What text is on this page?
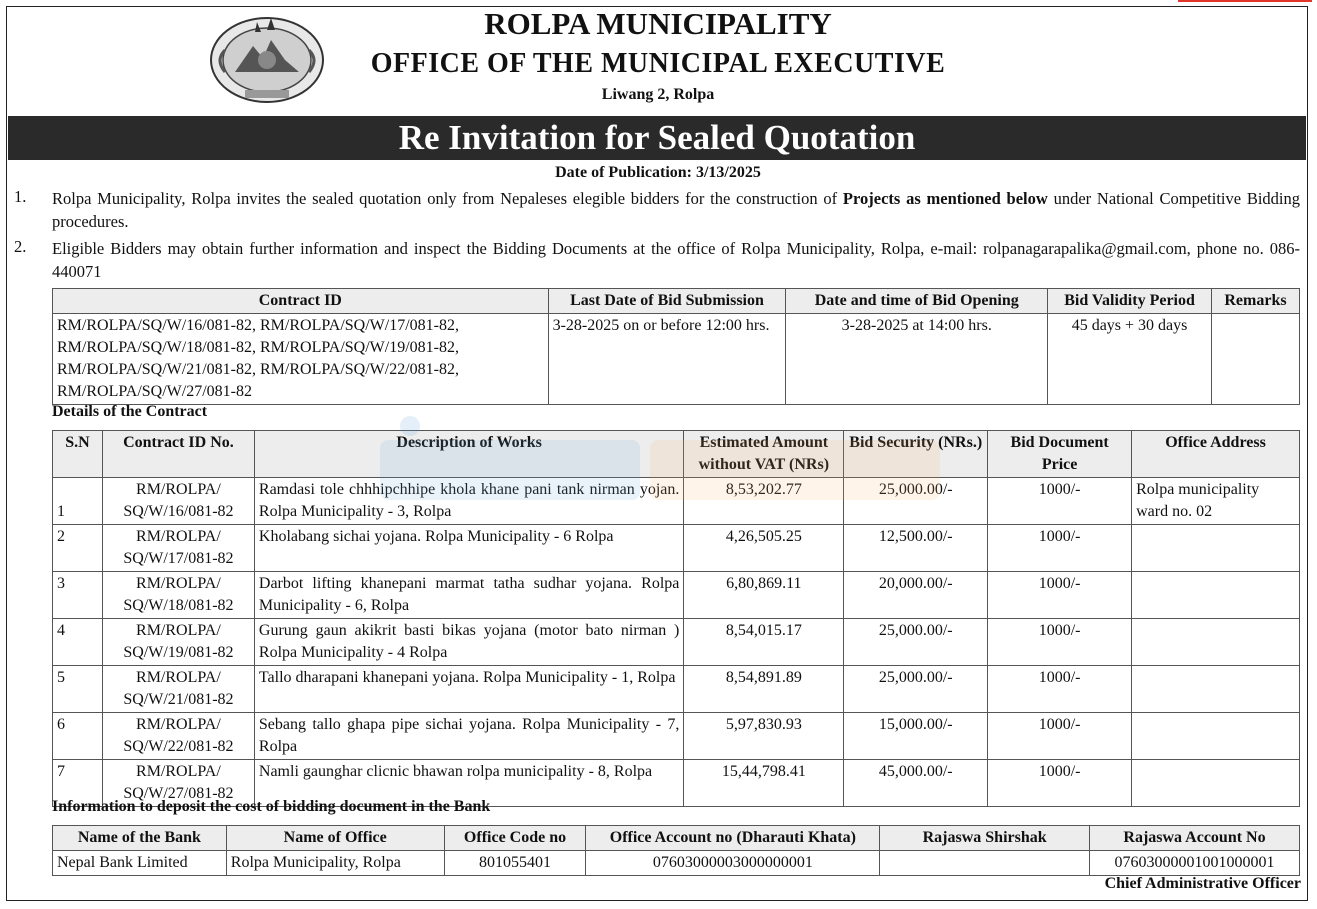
ROLPA MUNICIPALITY
OFFICE OF THE MUNICIPAL EXECUTIVE
Liwang 2, Rolpa
Re Invitation for Sealed Quotation
Date of Publication: 3/13/2025
1. Rolpa Municipality, Rolpa invites the sealed quotation only from Nepaleses elegible bidders for the construction of Projects as mentioned below under National Competitive Bidding procedures.
2. Eligible Bidders may obtain further information and inspect the Bidding Documents at the office of Rolpa Municipality, Rolpa, e-mail: rolpanagarapalika@gmail.com, phone no. 086-440071
Contract ID	Last Date of Bid Submission	Date and time of Bid Opening	Bid Validity Period	Remarks
RM/ROLPA/SQ/W/16/081-82, RM/ROLPA/SQ/W/17/081-82, RM/ROLPA/SQ/W/18/081-82, RM/ROLPA/SQ/W/19/081-82, RM/ROLPA/SQ/W/21/081-82, RM/ROLPA/SQ/W/22/081-82, RM/ROLPA/SQ/W/27/081-82	3-28-2025 on or before 12:00 hrs.	3-28-2025 at 14:00 hrs.	45 days + 30 days	
Details of the Contract
S.N	Contract ID No.	Description of Works	Estimated Amount without VAT (NRs)	Bid Security (NRs.)	Bid Document Price	Office Address
1	RM/ROLPA/ SQ/W/16/081-82	Ramdasi tole chhhipchhipe khola khane pani tank nirman yojan. Rolpa Municipality - 3, Rolpa	8,53,202.77	25,000.00/-	1000/-	Rolpa municipality ward no. 02
2	RM/ROLPA/ SQ/W/17/081-82	Kholabang sichai yojana. Rolpa Municipality - 6 Rolpa	4,26,505.25	12,500.00/-	1000/-	
3	RM/ROLPA/ SQ/W/18/081-82	Darbot lifting khanepani marmat tatha sudhar yojana. Rolpa Municipality - 6, Rolpa	6,80,869.11	20,000.00/-	1000/-	
4	RM/ROLPA/ SQ/W/19/081-82	Gurung gaun akikrit basti bikas yojana (motor bato nirman ) Rolpa Municipality - 4 Rolpa	8,54,015.17	25,000.00/-	1000/-	
5	RM/ROLPA/ SQ/W/21/081-82	Tallo dharapani khanepani yojana. Rolpa Municipality - 1, Rolpa	8,54,891.89	25,000.00/-	1000/-	
6	RM/ROLPA/ SQ/W/22/081-82	Sebang tallo ghapa pipe sichai yojana. Rolpa Municipality - 7, Rolpa	5,97,830.93	15,000.00/-	1000/-	
7	RM/ROLPA/ SQ/W/27/081-82	Namli gaunghar clicnic bhawan rolpa municipality - 8, Rolpa	15,44,798.41	45,000.00/-	1000/-	
Information to deposit the cost of bidding document in the Bank
Name of the Bank	Name of Office	Office Code no	Office Account no (Dharauti Khata)	Rajaswa Shirshak	Rajaswa Account No
Nepal Bank Limited	Rolpa Municipality, Rolpa	801055401	07603000003000000001		07603000001001000001
Chief Administrative Officer
